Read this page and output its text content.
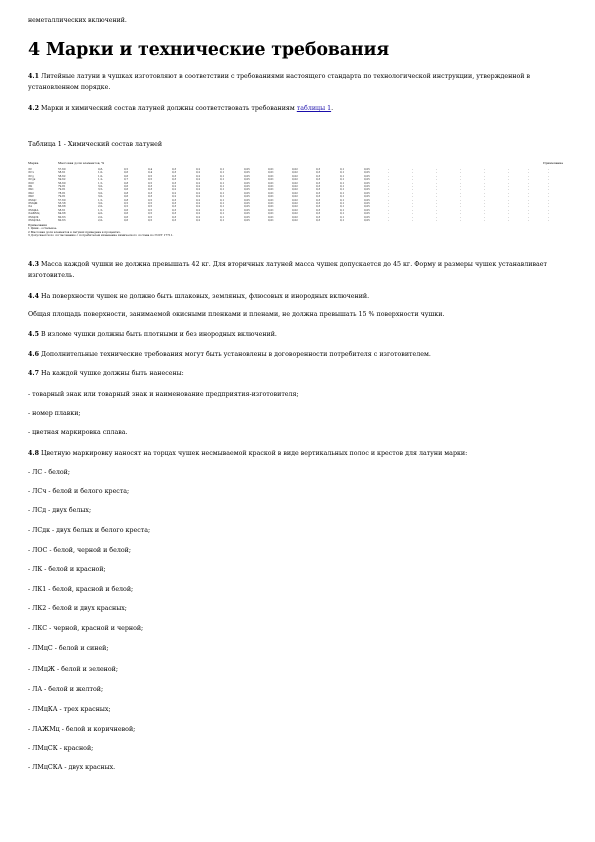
неметаллических включений.
4 Марки и технические требования
4.1 Литейные латуни в чушках изготовляют в соответствии с требованиями настоящего стандарта по технологической инструкции, утвержденной в установленном порядке.
4.2 Марки и химический состав латуней должны соответствовать требованиям таблицы 1.
4.3 Масса каждой чушки не должна превышать 42 кг. Для вторичных латуней масса чушек допускается до 45 кг. Форму и размеры чушек устанавливает изготовитель.
4.4 На поверхности чушек не должно быть шлаковых, земляных, флюсовых и инородных включений.
Общая площадь поверхности, занимаемой окисными пленками и пленами, не должна превышать 15 % поверхности чушки.
4.5 В изломе чушки должны быть плотными и без инородных включений.
4.6 Дополнительные технические требования могут быть установлены в договоренности потребителя с изготовителем.
4.7 На каждой чушке должны быть нанесены:
- товарный знак или товарный знак и наименование предприятия-изготовителя;
- номер плавки;
- цветная маркировка сплава.
4.8 Цветную маркировку наносят на торцах чушек несмываемой краской в виде вертикальных полос и крестов для латуни марки:
- ЛС - белой;
- ЛСч - белой и белого креста;
- ЛСд - двух белых;
- ЛСдк - двух белых и белого креста;
- ЛОС - белой, черной и белой;
- ЛК - белой и красной;
- ЛК1 - белой, красной и белой;
- ЛК2 - белой и двух красных;
- ЛКС - черной, красной и черной;
- ЛМцС - белой и синей;
- ЛМцЖ - белой и зеленой;
- ЛА - белой и желтой;
- ЛМцКА - трех красных;
- ЛАЖМц - белой и коричневой;
- ЛМцСК - красной;
- ЛМцСКА - двух красных.
Таблица 1 - Химический состав латуней
Марка	Массовая доля элементов, %	Примечание
ЛС	57-60	0,8-	0,5	0,4	0,3	0,2	0,1	0,05	0,01	0,02	0,3	0,1	0,05	-	-	-	-	-	-	-	-
ЛСч	58-61	1,0-	0,6	0,4	0,3	0,2	0,1	0,05	0,01	0,02	0,3	0,1	0,05	-	-	-	-	-	-	-	-
ЛСд	58-62	1,0-	0,6	0,5	0,3	0,2	0,1	0,05	0,01	0,02	0,3	0,1	0,05	-	-	-	-	-	-	-	-
ЛСдк	59-62	1,2-	0,7	0,5	0,3	0,2	0,1	0,05	0,01	0,02	0,3	0,1	0,05	-	-	-	-	-	-	-	-
ЛОС	56-60	1,5-	0,8	0,5	0,3	0,2	0,1	0,05	0,01	0,02	0,3	0,1	0,05	-	-	-	-	-	-	-	-
ЛК	79-81	3,0-	0,6	0,3	0,2	0,2	0,1	0,05	0,01	0,02	0,3	0,1	0,05	-	-	-	-	-	-	-	-
ЛК1	79-81	3,5-	0,6	0,3	0,2	0,2	0,1	0,05	0,01	0,02	0,3	0,1	0,05	-	-	-	-	-	-	-	-
ЛК2	78-81	3,0-	0,8	0,3	0,2	0,2	0,1	0,05	0,01	0,02	0,3	0,1	0,05	-	-	-	-	-	-	-	-
ЛКС	79-81	3,0-	0,6	0,3	0,2	0,2	0,1	0,05	0,01	0,02	0,3	0,1	0,05	-	-	-	-	-	-	-	-
ЛМцС	57-60	1,5-	0,8	0,5	0,3	0,2	0,1	0,05	0,01	0,02	0,3	0,1	0,05	-	-	-	-	-	-	-	-
ЛМцЖ	53-58	3,0-	0,5	0,5	0,3	0,2	0,1	0,05	0,01	0,02	0,3	0,1	0,05	-	-	-	-	-	-	-	-
ЛА	66-68	2,0-	0,5	0,5	0,3	0,2	0,1	0,05	0,01	0,02	0,3	0,1	0,05	-	-	-	-	-	-	-	-
ЛМцКА	58-61	1,5-	0,6	0,5	0,3	0,2	0,1	0,05	0,01	0,02	0,3	0,1	0,05	-	-	-	-	-	-	-	-
ЛАЖМц	64-68	4,0-	0,6	0,5	0,3	0,2	0,1	0,05	0,01	0,02	0,3	0,1	0,05	-	-	-	-	-	-	-	-
ЛМцСК	60-63	2,0-	0,6	0,5	0,3	0,2	0,1	0,05	0,01	0,02	0,3	0,1	0,05	-	-	-	-	-	-	-	-
ЛМцСКА	60-63	2,0-	0,6	0,5	0,3	0,2	0,1	0,05	0,01	0,02	0,3	0,1	0,05	-	-	-	-	-	-	-	-
Примечания
1 Цинк - остальное.
2 Массовая доля элементов в латунях приведена в процентах.
3 Допускается по согласованию с потребителем изменение химического состава по ГОСТ 17711.
